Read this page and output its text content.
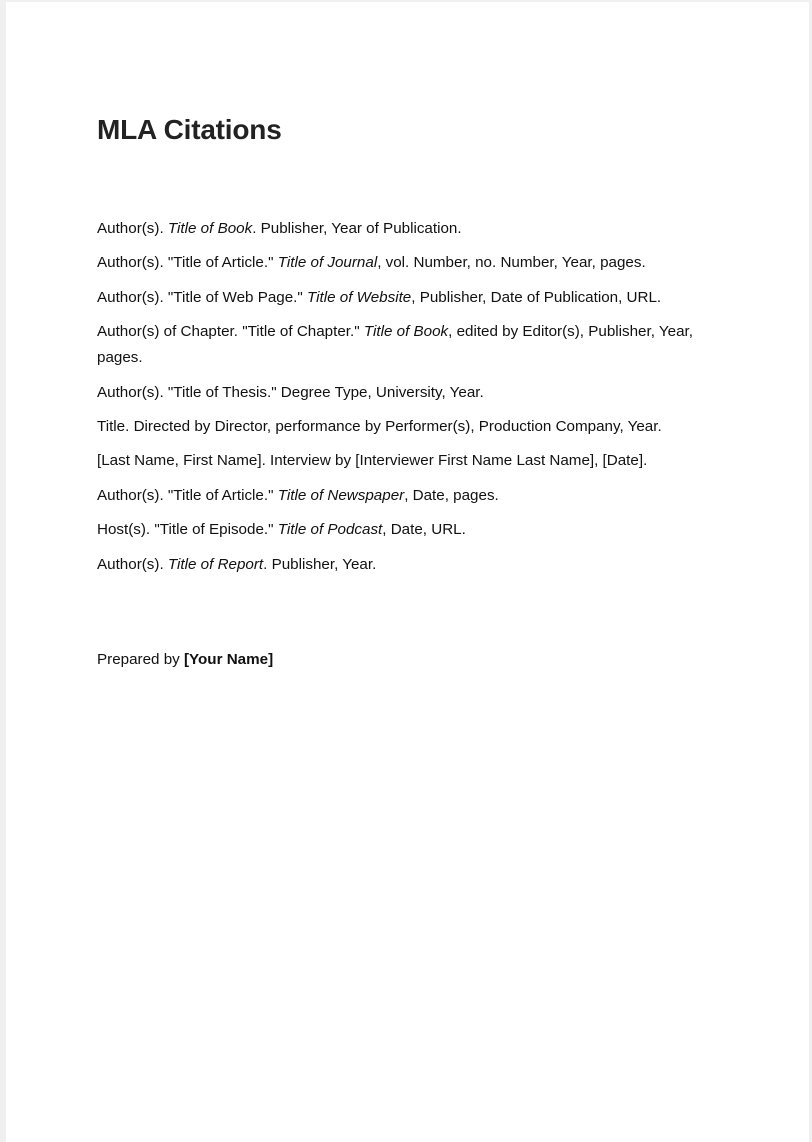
MLA Citations

Author(s). Title of Book. Publisher, Year of Publication.

Author(s). "Title of Article." Title of Journal, vol. Number, no. Number, Year, pages.

Author(s). "Title of Web Page." Title of Website, Publisher, Date of Publication, URL.

Author(s) of Chapter. "Title of Chapter." Title of Book, edited by Editor(s), Publisher, Year, pages.

Author(s). "Title of Thesis." Degree Type, University, Year.

Title. Directed by Director, performance by Performer(s), Production Company, Year.

[Last Name, First Name]. Interview by [Interviewer First Name Last Name], [Date].

Author(s). "Title of Article." Title of Newspaper, Date, pages.

Host(s). "Title of Episode." Title of Podcast, Date, URL.

Author(s). Title of Report. Publisher, Year.

Prepared by [Your Name]
